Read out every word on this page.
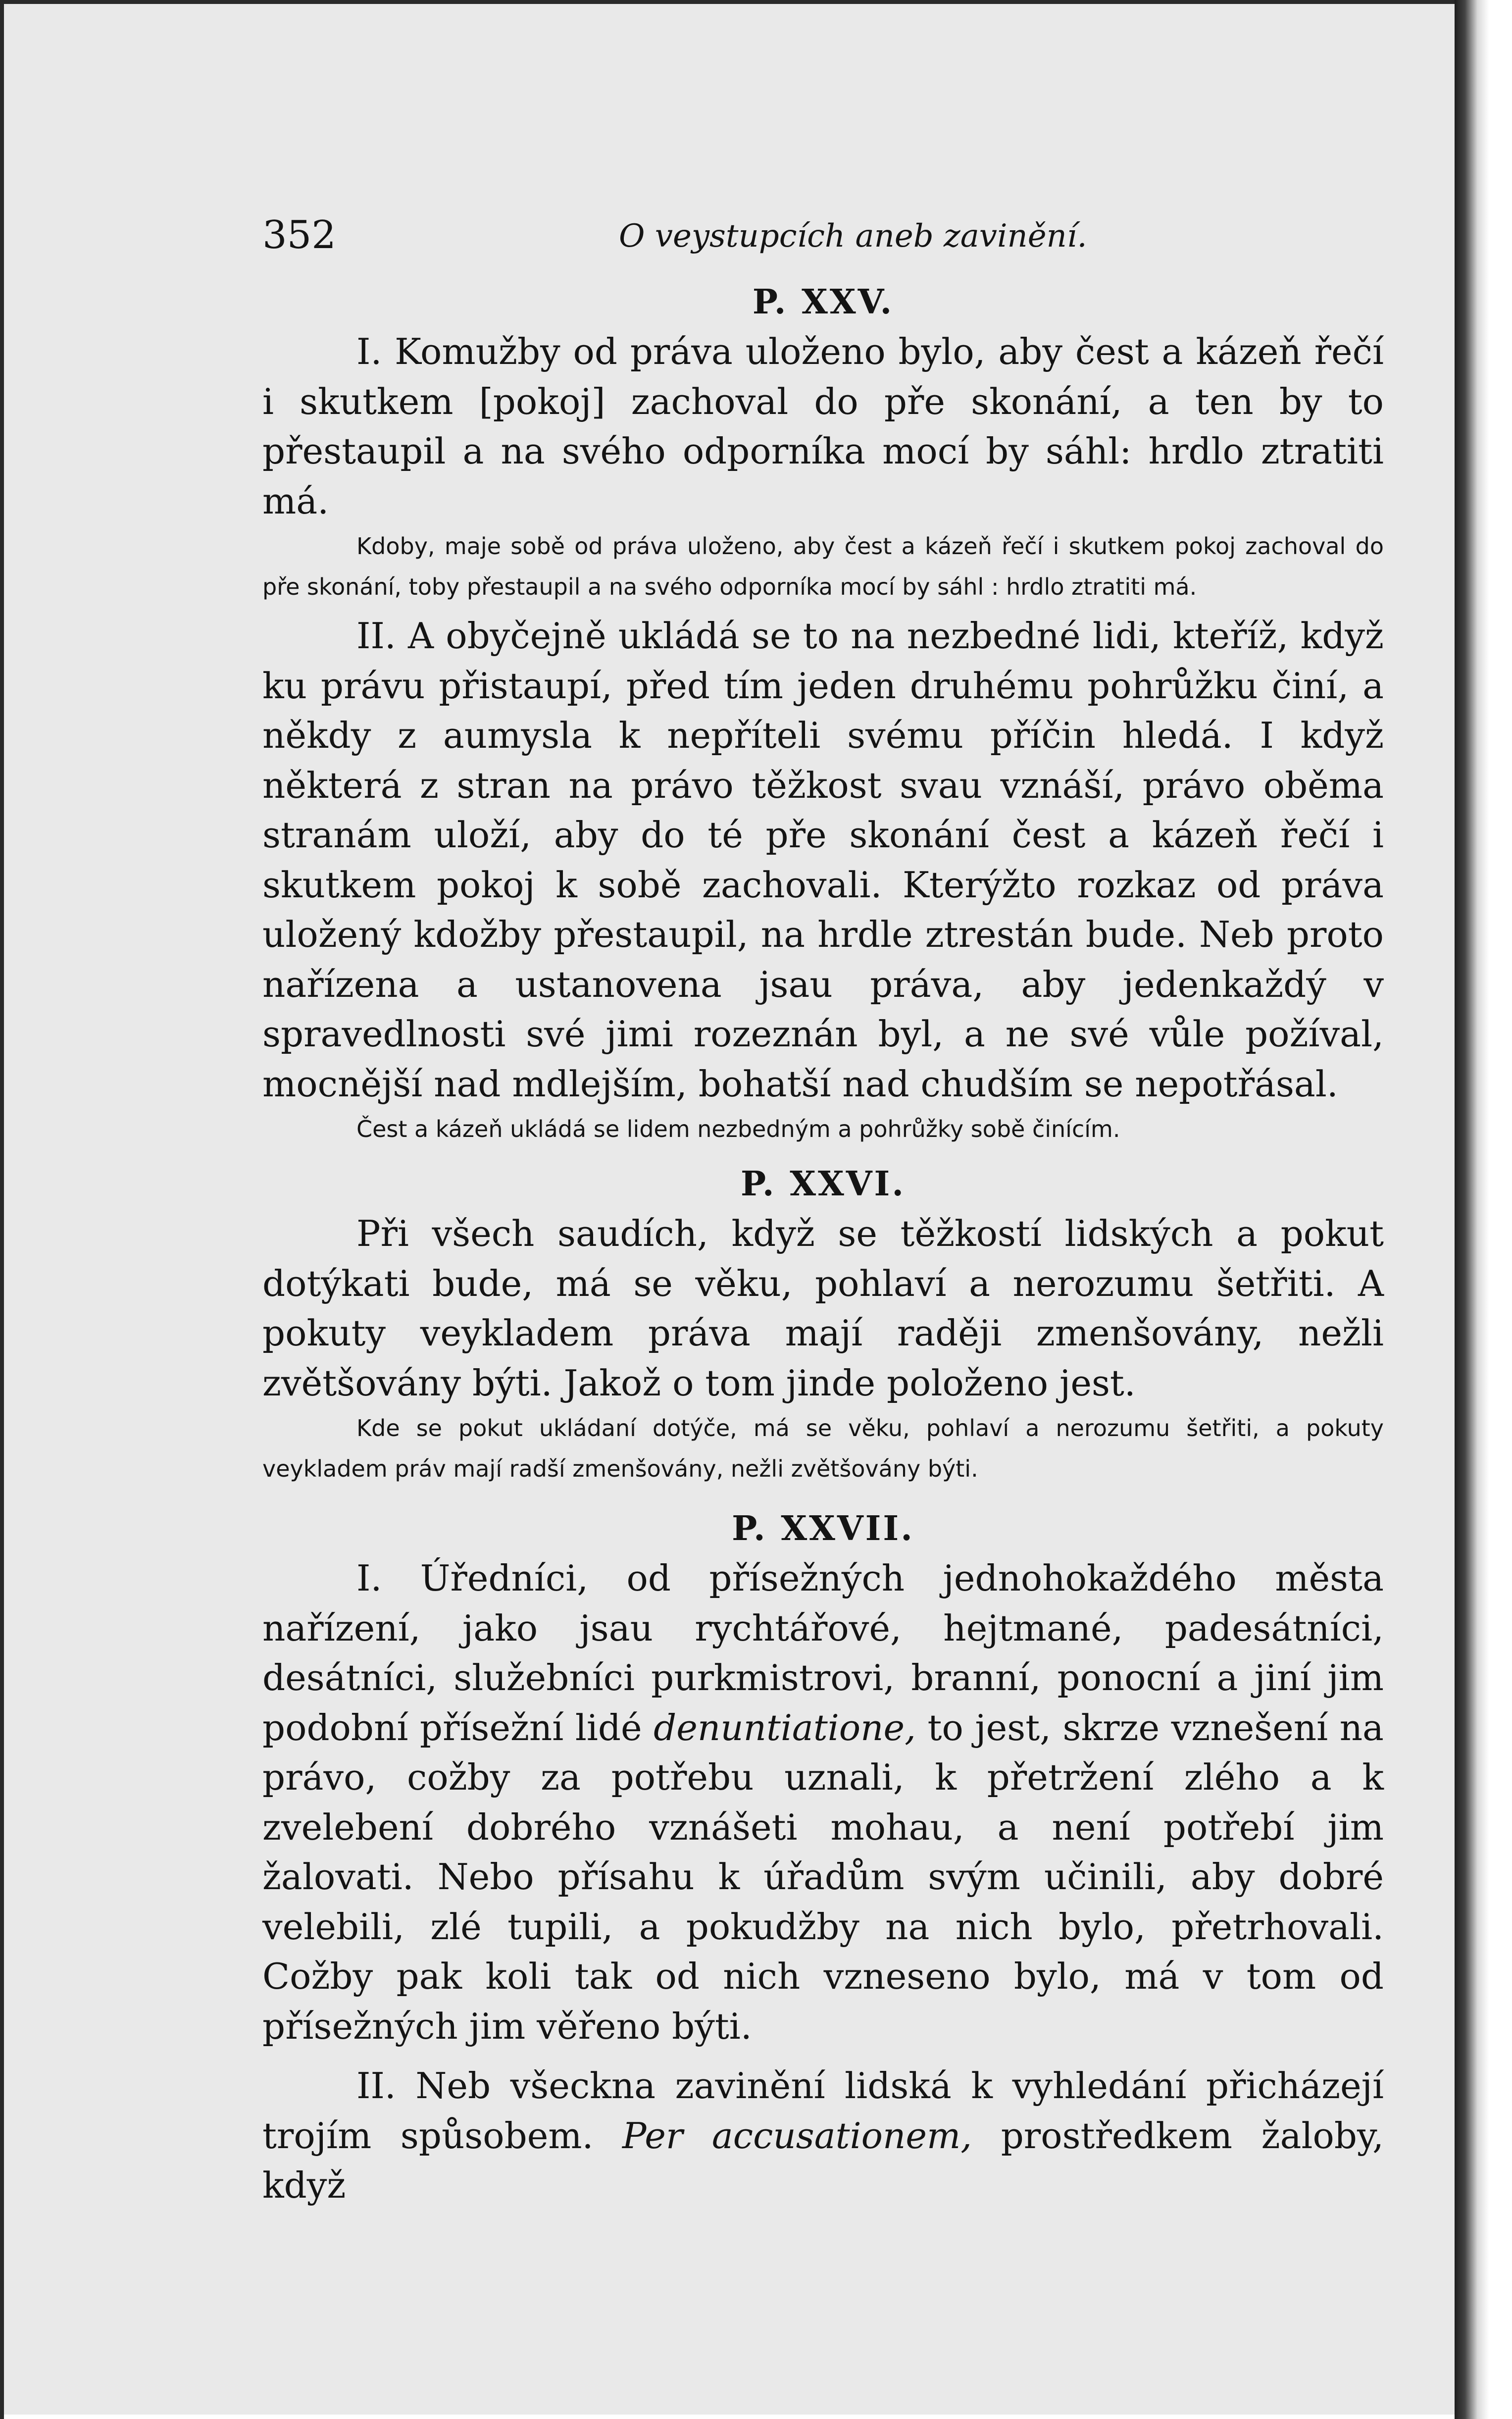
352	O veystupcích aneb zavinění.
P. XXV.

I. Komužby od práva uloženo bylo, aby čest a kázeň řečí i skutkem [pokoj] zachoval do pře skonání, a ten by to přestaupil a na svého odporníka mocí by sáhl: hrdlo ztratiti má.

Kdoby, maje sobě od práva uloženo, aby čest a kázeň řečí i skutkem pokoj zachoval do pře skonání, toby přestaupil a na svého odporníka mocí by sáhl : hrdlo ztratiti má.

II. A obyčejně ukládá se to na nezbedné lidi, kteříž, když ku právu přistaupí, před tím jeden druhému pohrůžku činí, a někdy z aumysla k nepříteli svému příčin hledá. I když některá z stran na právo těžkost svau vznáší, právo oběma stranám uloží, aby do té pře skonání čest a kázeň řečí i skutkem pokoj k sobě zachovali. Kterýžto rozkaz od práva uložený kdožby přestaupil, na hrdle ztrestán bude. Neb proto nařízena a ustanovena jsau práva, aby jedenkaždý v spravedlnosti své jimi rozeznán byl, a ne své vůle požíval, mocnější nad mdlejším, bohatší nad chudším se nepotřásal.

Čest a kázeň ukládá se lidem nezbedným a pohrůžky sobě činícím.

P. XXVI.

Při všech saudích, když se těžkostí lidských a pokut dotýkati bude, má se věku, pohlaví a nerozumu šetřiti. A pokuty veykladem práva mají raději zmenšovány, nežli zvětšovány býti. Jakož o tom jinde položeno jest.

Kde se pokut ukládaní dotýče, má se věku, pohlaví a nerozumu šetřiti, a pokuty veykladem práv mají radší zmenšovány, nežli zvětšovány býti.

P. XXVII.

I. Úředníci, od přísežných jednohokaždého města nařízení, jako jsau rychtářové, hejtmané, padesátníci, desátníci, služebníci purkmistrovi, branní, ponocní a jiní jim podobní přísežní lidé denuntiatione, to jest, skrze vznešení na právo, cožby za potřebu uznali, k přetržení zlého a k zvelebení dobrého vznášeti mohau, a není potřebí jim žalovati. Nebo přísahu k úřadům svým učinili, aby dobré velebili, zlé tupili, a pokudžby na nich bylo, přetrhovali. Cožby pak koli tak od nich vzneseno bylo, má v tom od přísežných jim věřeno býti.

II. Neb všeckna zavinění lidská k vyhledání přicházejí trojím spůsobem. Per accusationem, prostředkem žaloby, když
